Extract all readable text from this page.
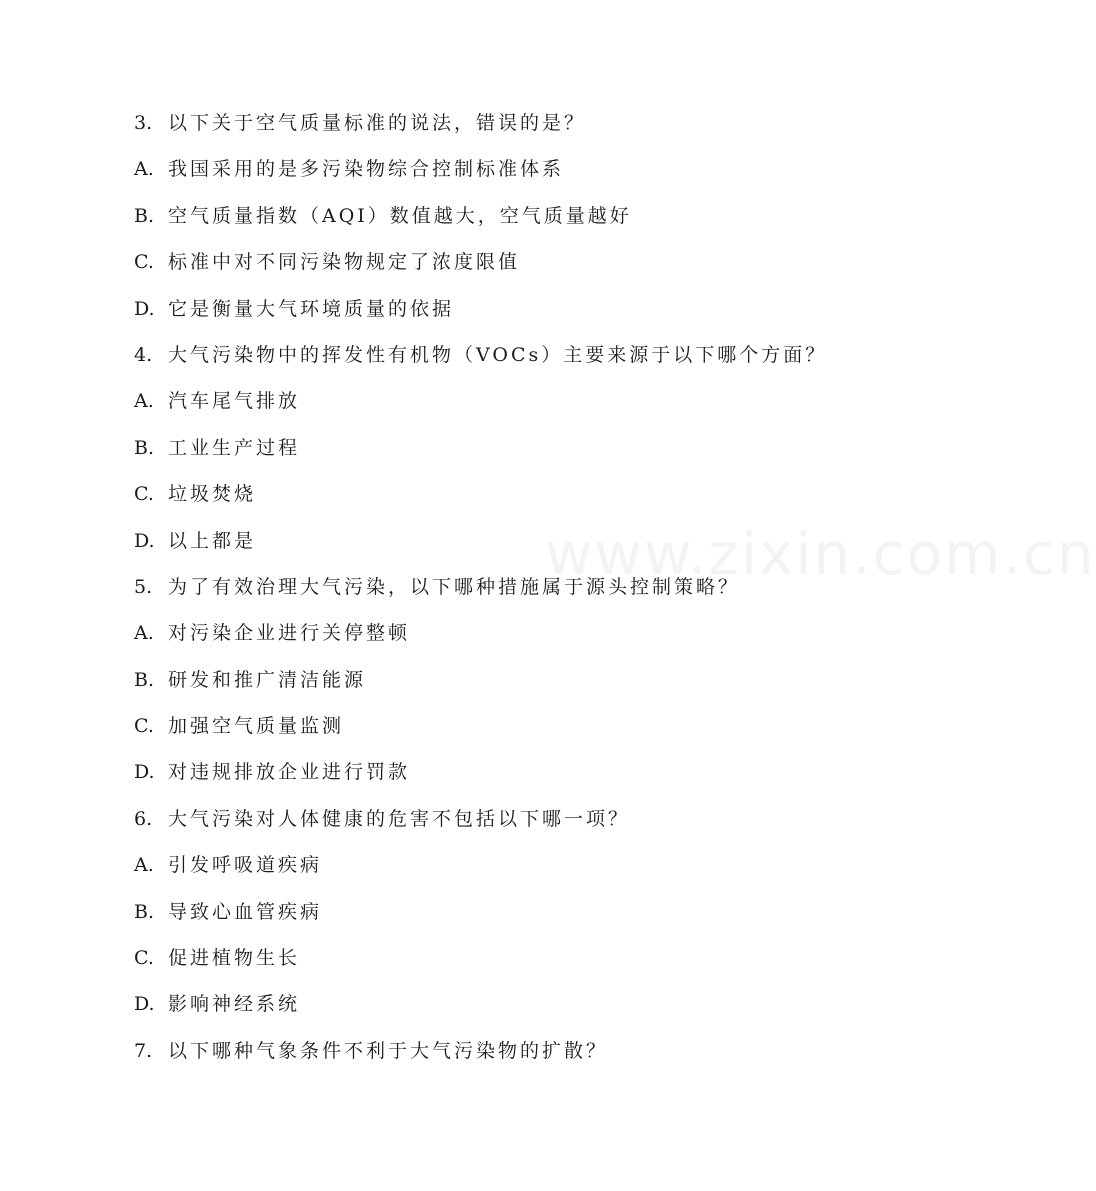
www.zixin.com.cn
3. 以下关于空气质量标准的说法，错误的是？
A. 我国采用的是多污染物综合控制标准体系
B. 空气质量指数（AQI）数值越大，空气质量越好
C. 标准中对不同污染物规定了浓度限值
D. 它是衡量大气环境质量的依据
4. 大气污染物中的挥发性有机物（VOCs）主要来源于以下哪个方面？
A. 汽车尾气排放
B. 工业生产过程
C. 垃圾焚烧
D. 以上都是
5. 为了有效治理大气污染，以下哪种措施属于源头控制策略？
A. 对污染企业进行关停整顿
B. 研发和推广清洁能源
C. 加强空气质量监测
D. 对违规排放企业进行罚款
6. 大气污染对人体健康的危害不包括以下哪一项？
A. 引发呼吸道疾病
B. 导致心血管疾病
C. 促进植物生长
D. 影响神经系统
7. 以下哪种气象条件不利于大气污染物的扩散？
